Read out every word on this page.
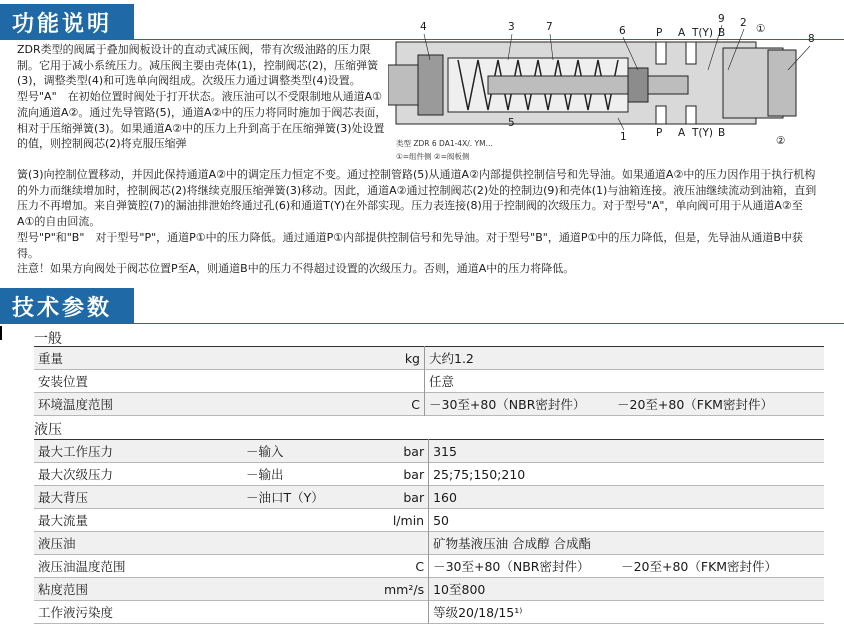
功能说明
ZDR类型的阀属于叠加阀板设计的直动式减压阀，带有次级油路的压力限制。它用于减小系统压力。减压阀主要由壳体(1)，控制阀芯(2)，压缩弹簧(3)，调整类型(4)和可选单向阀组成。次级压力通过调整类型(4)设置。
型号"A"　在初始位置时阀处于打开状态。液压油可以不受限制地从通道A①流向通道A②。通过先导管路(5)，通道A②中的压力将同时施加于阀芯表面，相对于压缩弹簧(3)。如果通道A②中的压力上升到高于在压缩弹簧(3)处设置的值，则控制阀芯(2)将克服压缩弹
4	3	7	6	P A T(Y) B
9 2 ①
8
5
1	P A T(Y) B
②
类型 ZDR 6 DA1-4X/. YM…
①=组件侧 ②=阀板侧
簧(3)向控制位置移动，并因此保持通道A②中的调定压力恒定不变。通过控制管路(5)从通道A②内部提供控制信号和先导油。如果通道A②中的压力因作用于执行机构的外力而继续增加时，控制阀芯(2)将继续克服压缩弹簧(3)移动。因此，通道A②通过控制阀芯(2)处的控制边(9)和壳体(1)与油箱连接。液压油继续流动到油箱，直到压力不再增加。来自弹簧腔(7)的漏油排泄始终通过孔(6)和通道T(Y)在外部实现。压力表连接(8)用于控制阀的次级压力。对于型号"A"，单向阀可用于从通道A②至A①的自由回流。
型号"P"和"B"　对于型号"P"，通道P①中的压力降低。通过通道P①内部提供控制信号和先导油。对于型号"B"，通道P①中的压力降低，但是，先导油从通道B中获得。
注意！如果方向阀处于阀芯位置P至A，则通道B中的压力不得超过设置的次级压力。否则，通道A中的压力将降低。
技术参数
一般
重量		kg	大约1.2	
安装位置			任意	
环境温度范围		C	－30至+80（NBR密封件）	－20至+80（FKM密封件）
液压
最大工作压力	－输入	bar	315	
最大次级压力	－输出	bar	25;75;150;210	
最大背压	－油口T（Y）	bar	160	
最大流量		l/min	50	
液压油			矿物基液压油 合成醇 合成酯	
液压油温度范围		C	－30至+80（NBR密封件）	－20至+80（FKM密封件）
粘度范围		mm²/s	10至800	
工作液污染度			等级20/18/15¹⁾	
